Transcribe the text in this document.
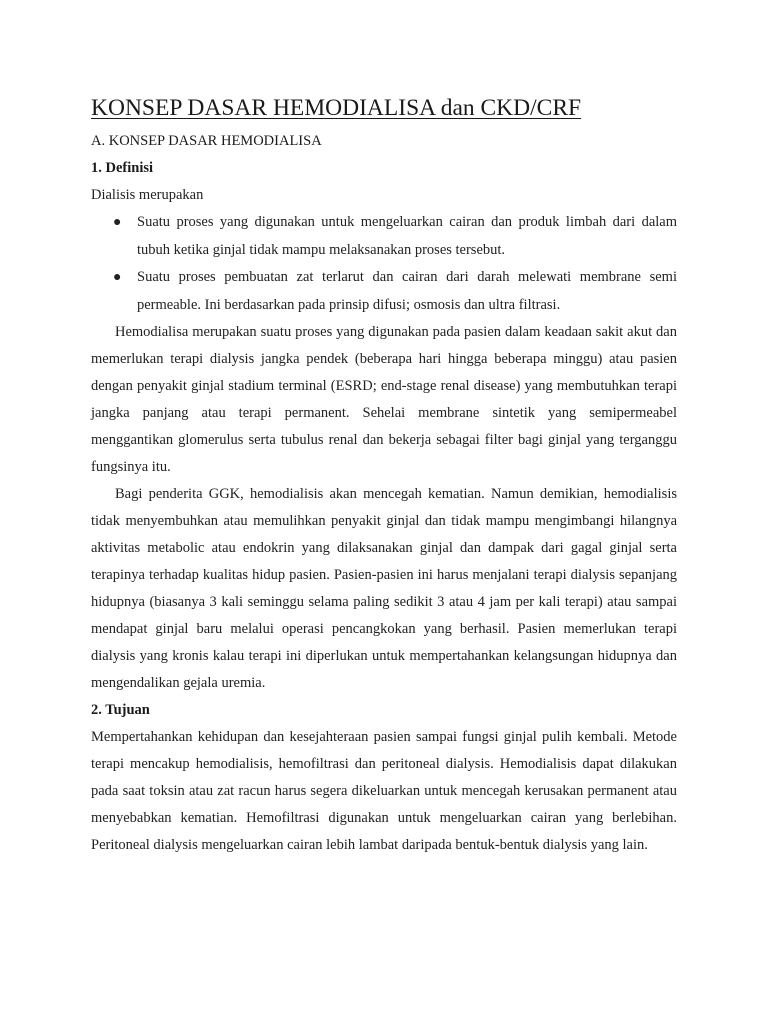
KONSEP DASAR HEMODIALISA dan CKD/CRF
A. KONSEP DASAR HEMODIALISA
1. Definisi

Dialisis merupakan

● Suatu proses yang digunakan untuk mengeluarkan cairan dan produk limbah dari dalam tubuh ketika ginjal tidak mampu melaksanakan proses tersebut.
● Suatu proses pembuatan zat terlarut dan cairan dari darah melewati membrane semi permeable. Ini berdasarkan pada prinsip difusi; osmosis dan ultra filtrasi.

Hemodialisa merupakan suatu proses yang digunakan pada pasien dalam keadaan sakit akut dan memerlukan terapi dialysis jangka pendek (beberapa hari hingga beberapa minggu) atau pasien dengan penyakit ginjal stadium terminal (ESRD; end-stage renal disease) yang membutuhkan terapi jangka panjang atau terapi permanent. Sehelai membrane sintetik yang semipermeabel menggantikan glomerulus serta tubulus renal dan bekerja sebagai filter bagi ginjal yang terganggu fungsinya itu.

Bagi penderita GGK, hemodialisis akan mencegah kematian. Namun demikian, hemodialisis tidak menyembuhkan atau memulihkan penyakit ginjal dan tidak mampu mengimbangi hilangnya aktivitas metabolic atau endokrin yang dilaksanakan ginjal dan dampak dari gagal ginjal serta terapinya terhadap kualitas hidup pasien. Pasien-pasien ini harus menjalani terapi dialysis sepanjang hidupnya (biasanya 3 kali seminggu selama paling sedikit 3 atau 4 jam per kali terapi) atau sampai mendapat ginjal baru melalui operasi pencangkokan yang berhasil. Pasien memerlukan terapi dialysis yang kronis kalau terapi ini diperlukan untuk mempertahankan kelangsungan hidupnya dan mengendalikan gejala uremia.

2. Tujuan

Mempertahankan kehidupan dan kesejahteraan pasien sampai fungsi ginjal pulih kembali. Metode terapi mencakup hemodialisis, hemofiltrasi dan peritoneal dialysis. Hemodialisis dapat dilakukan pada saat toksin atau zat racun harus segera dikeluarkan untuk mencegah kerusakan permanent atau menyebabkan kematian. Hemofiltrasi digunakan untuk mengeluarkan cairan yang berlebihan. Peritoneal dialysis mengeluarkan cairan lebih lambat daripada bentuk-bentuk dialysis yang lain.
